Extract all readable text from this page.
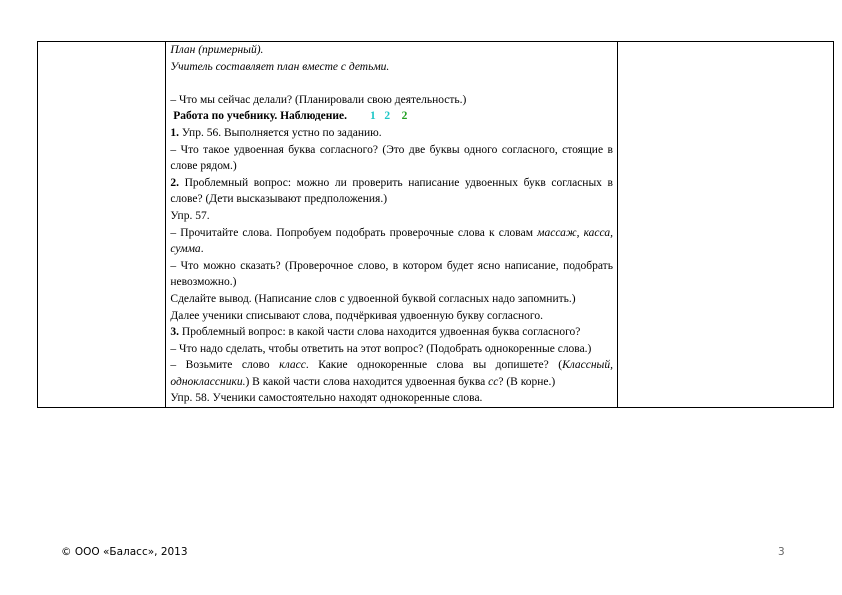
План (примерный).

Учитель составляет план вместе с детьми.

– Что мы сейчас делали? (Планировали свою деятельность.)

Работа по учебнику. Наблюдение. 1 2 2

1. Упр. 56. Выполняется устно по заданию.

– Что такое удвоенная буква согласного? (Это две буквы одного согласного, стоящие в слове рядом.)

2. Проблемный вопрос: можно ли проверить написание удвоенных букв согласных в слове? (Дети высказывают предположения.)

Упр. 57.

– Прочитайте слова. Попробуем подобрать проверочные слова к словам массаж, касса, сумма.

– Что можно сказать? (Проверочное слово, в котором будет ясно написание, подобрать невозможно.)

Сделайте вывод. (Написание слов с удвоенной буквой согласных надо запомнить.)

Далее ученики списывают слова, подчёркивая удвоенную букву согласного.

3. Проблемный вопрос: в какой части слова находится удвоенная буква согласного?

– Что надо сделать, чтобы ответить на этот вопрос? (Подобрать однокоренные слова.)

– Возьмите слово класс. Какие однокоренные слова вы допишете? (Классный, одноклассники.) В какой части слова находится удвоенная буква сс? (В корне.)

Упр. 58. Ученики самостоятельно находят однокоренные слова.

© ООО «Баласс», 2013	3
